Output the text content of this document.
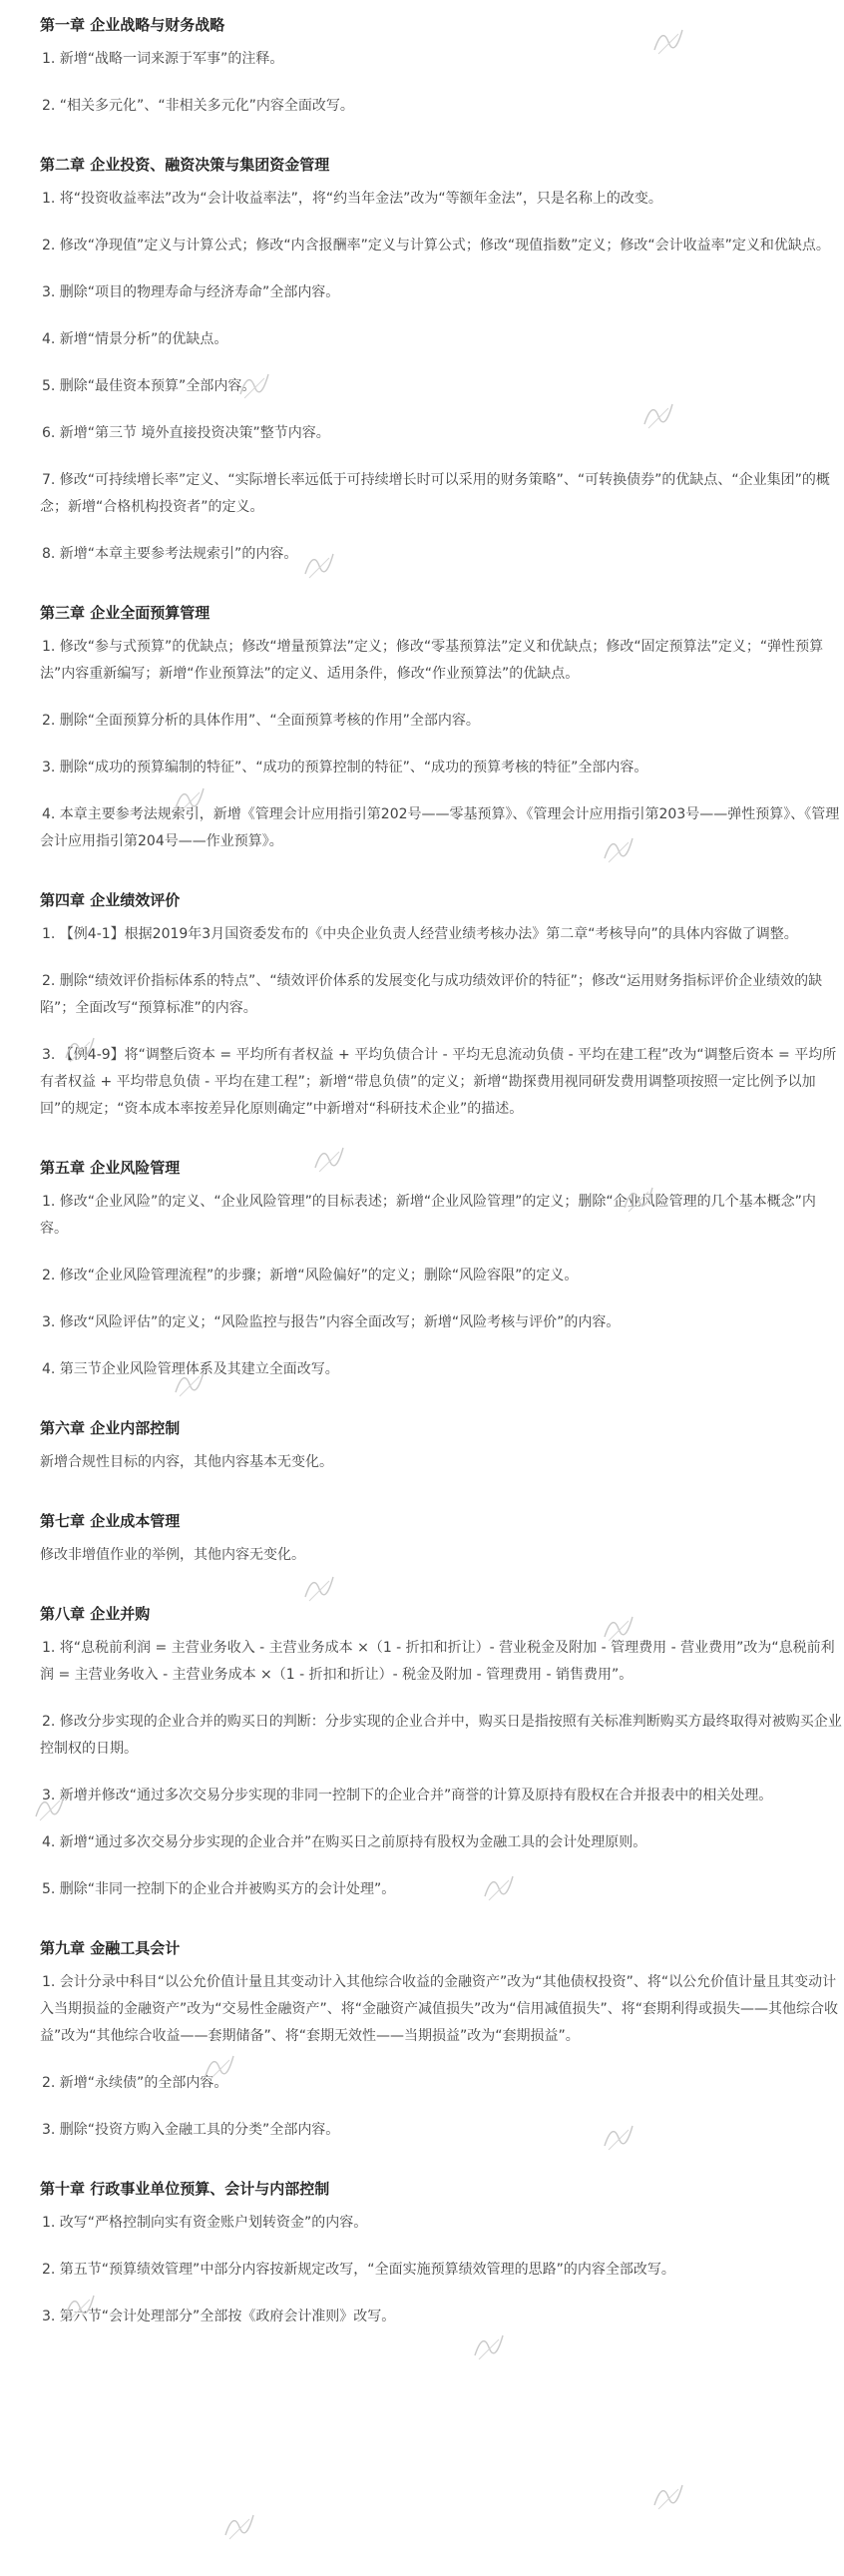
第一章 企业战略与财务战略

1. 新增“战略一词来源于军事”的注释。

2. “相关多元化”、“非相关多元化”内容全面改写。

第二章 企业投资、融资决策与集团资金管理

1. 将“投资收益率法”改为“会计收益率法”，将“约当年金法”改为“等额年金法”，只是名称上的改变。

2. 修改“净现值”定义与计算公式；修改“内含报酬率”定义与计算公式；修改“现值指数”定义；修改“会计收益率”定义和优缺点。

3. 删除“项目的物理寿命与经济寿命”全部内容。

4. 新增“情景分析”的优缺点。

5. 删除“最佳资本预算”全部内容。

6. 新增“第三节 境外直接投资决策”整节内容。

7. 修改“可持续增长率”定义、“实际增长率远低于可持续增长时可以采用的财务策略”、“可转换债券”的优缺点、“企业集团”的概念；新增“合格机构投资者”的定义。

8. 新增“本章主要参考法规索引”的内容。

第三章 企业全面预算管理

1. 修改“参与式预算”的优缺点；修改“增量预算法”定义；修改“零基预算法”定义和优缺点；修改“固定预算法”定义；“弹性预算法”内容重新编写；新增“作业预算法”的定义、适用条件，修改“作业预算法”的优缺点。

2. 删除“全面预算分析的具体作用”、“全面预算考核的作用”全部内容。

3. 删除“成功的预算编制的特征”、“成功的预算控制的特征”、“成功的预算考核的特征”全部内容。

4. 本章主要参考法规索引，新增《管理会计应用指引第202号——零基预算》、《管理会计应用指引第203号——弹性预算》、《管理会计应用指引第204号——作业预算》。

第四章 企业绩效评价

1. 【例4-1】根据2019年3月国资委发布的《中央企业负责人经营业绩考核办法》第二章“考核导向”的具体内容做了调整。

2. 删除“绩效评价指标体系的特点”、“绩效评价体系的发展变化与成功绩效评价的特征”；修改“运用财务指标评价企业绩效的缺陷”；全面改写“预算标准”的内容。

3. 【例4-9】将“调整后资本 = 平均所有者权益 + 平均负债合计 - 平均无息流动负债 - 平均在建工程”改为“调整后资本 = 平均所有者权益 + 平均带息负债 - 平均在建工程”；新增“带息负债”的定义；新增“勘探费用视同研发费用调整项按照一定比例予以加回”的规定；“资本成本率按差异化原则确定”中新增对“科研技术企业”的描述。

第五章 企业风险管理

1. 修改“企业风险”的定义、“企业风险管理”的目标表述；新增“企业风险管理”的定义；删除“企业风险管理的几个基本概念”内容。

2. 修改“企业风险管理流程”的步骤；新增“风险偏好”的定义；删除“风险容限”的定义。

3. 修改“风险评估”的定义；“风险监控与报告”内容全面改写；新增“风险考核与评价”的内容。

4. 第三节企业风险管理体系及其建立全面改写。

第六章 企业内部控制

新增合规性目标的内容，其他内容基本无变化。

第七章 企业成本管理

修改非增值作业的举例，其他内容无变化。

第八章 企业并购

1. 将“息税前利润 = 主营业务收入 - 主营业务成本 ×（1 - 折扣和折让）- 营业税金及附加 - 管理费用 - 营业费用”改为“息税前利润 = 主营业务收入 - 主营业务成本 ×（1 - 折扣和折让）- 税金及附加 - 管理费用 - 销售费用”。

2. 修改分步实现的企业合并的购买日的判断：分步实现的企业合并中，购买日是指按照有关标准判断购买方最终取得对被购买企业控制权的日期。

3. 新增并修改“通过多次交易分步实现的非同一控制下的企业合并”商誉的计算及原持有股权在合并报表中的相关处理。

4. 新增“通过多次交易分步实现的企业合并”在购买日之前原持有股权为金融工具的会计处理原则。

5. 删除“非同一控制下的企业合并被购买方的会计处理”。

第九章 金融工具会计

1. 会计分录中科目“以公允价值计量且其变动计入其他综合收益的金融资产”改为“其他债权投资”、将“以公允价值计量且其变动计入当期损益的金融资产”改为“交易性金融资产”、将“金融资产减值损失”改为“信用减值损失”、将“套期利得或损失——其他综合收益”改为“其他综合收益——套期储备”、将“套期无效性——当期损益”改为“套期损益”。

2. 新增“永续债”的全部内容。

3. 删除“投资方购入金融工具的分类”全部内容。

第十章 行政事业单位预算、会计与内部控制

1. 改写“严格控制向实有资金账户划转资金”的内容。

2. 第五节“预算绩效管理”中部分内容按新规定改写，“全面实施预算绩效管理的思路”的内容全部改写。

3. 第六节“会计处理部分”全部按《政府会计准则》改写。
